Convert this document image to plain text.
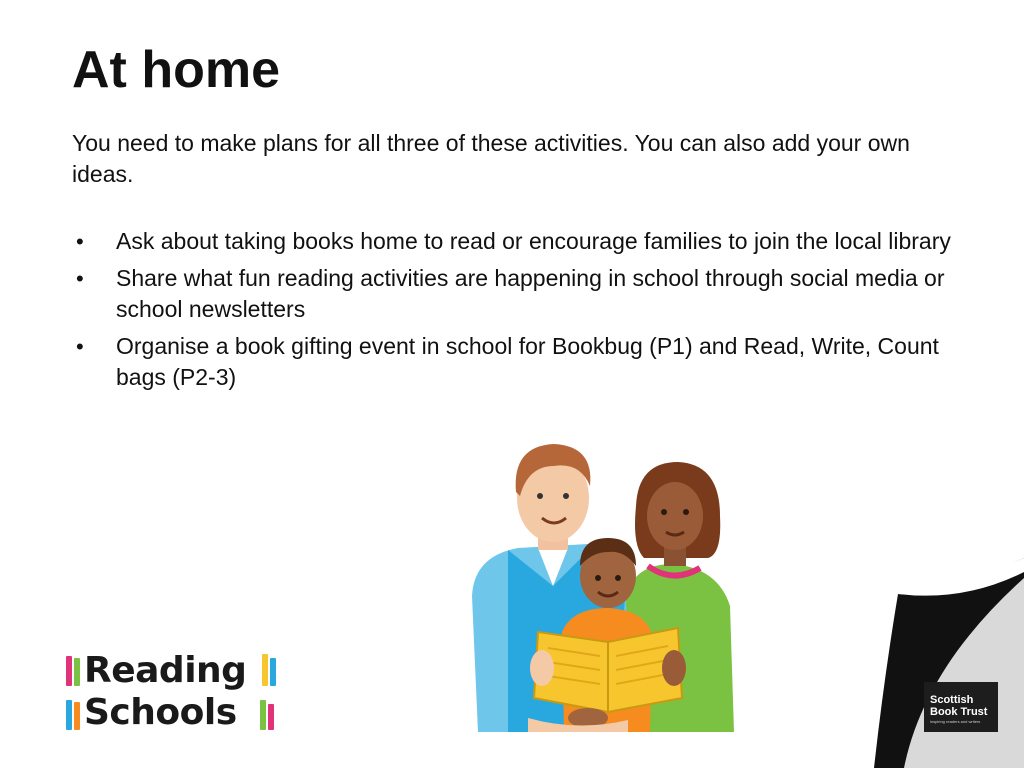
At home

You need to make plans for all three of these activities. You can also add your own ideas.

• Ask about taking books home to read or encourage families to join the local library
• Share what fun reading activities are happening in school through social media or school newsletters
• Organise a book gifting event in school for Bookbug (P1) and Read, Write, Count bags (P2-3)
Reading
Schools	Scottish
Book Trust
inspiring readers and writers
